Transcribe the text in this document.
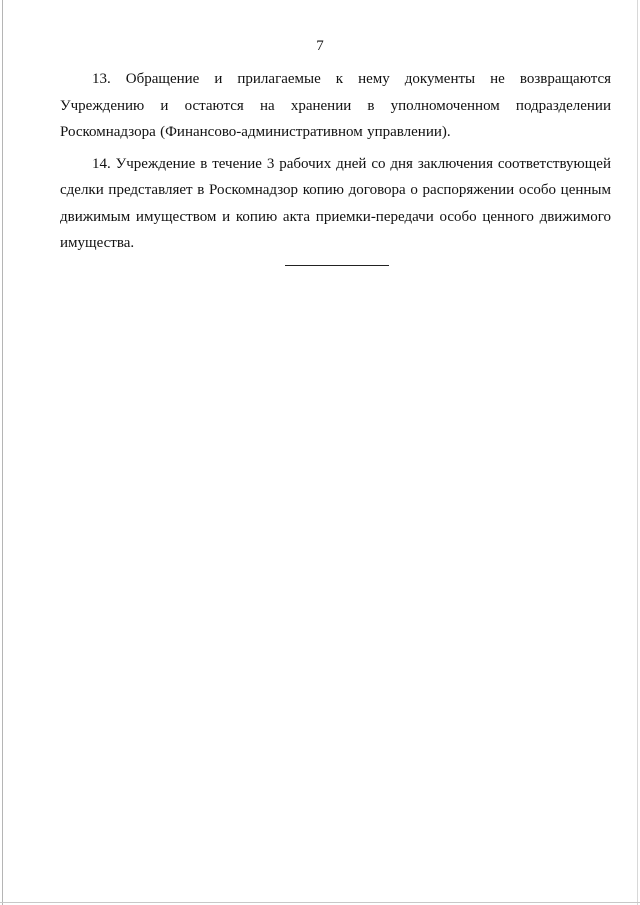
7

13. Обращение и прилагаемые к нему документы не возвращаются Учреждению и остаются на хранении в уполномоченном подразделении Роскомнадзора (Финансово-административном управлении).

14. Учреждение в течение 3 рабочих дней со дня заключения соответствующей сделки представляет в Роскомнадзор копию договора о распоряжении особо ценным движимым имуществом и копию акта приемки-передачи особо ценного движимого имущества.
